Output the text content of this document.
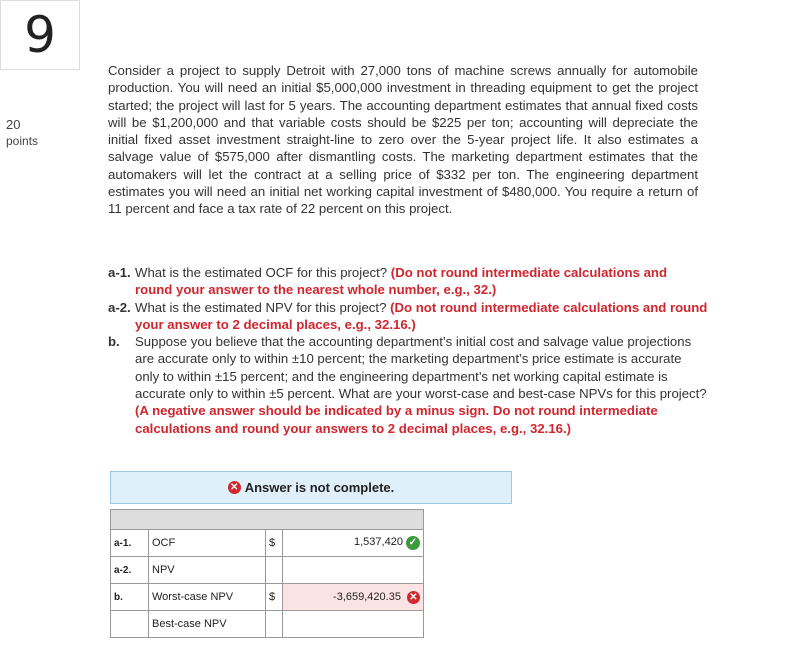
9
20
points
Consider a project to supply Detroit with 27,000 tons of machine screws annually for automobile production. You will need an initial $5,000,000 investment in threading equipment to get the project started; the project will last for 5 years. The accounting department estimates that annual fixed costs will be $1,200,000 and that variable costs should be $225 per ton; accounting will depreciate the initial fixed asset investment straight-line to zero over the 5-year project life. It also estimates a salvage value of $575,000 after dismantling costs. The marketing department estimates that the automakers will let the contract at a selling price of $332 per ton. The engineering department estimates you will need an initial net working capital investment of $480,000. You require a return of 11 percent and face a tax rate of 22 percent on this project.
a-1. What is the estimated OCF for this project? (Do not round intermediate calculations and round your answer to the nearest whole number, e.g., 32.)
a-2. What is the estimated NPV for this project? (Do not round intermediate calculations and round your answer to 2 decimal places, e.g., 32.16.)
b.	Suppose you believe that the accounting department’s initial cost and salvage value projections are accurate only to within ±10 percent; the marketing department’s price estimate is accurate only to within ±15 percent; and the engineering department’s net working capital estimate is accurate only to within ±5 percent. What are your worst-case and best-case NPVs for this project? (A negative answer should be indicated by a minus sign. Do not round intermediate calculations and round your answers to 2 decimal places, e.g., 32.16.)
✕ Answer is not complete.

a-1.	OCF	$	1,537,420 ✓
a-2.	NPV		
b.	Worst-case NPV	$	-3,659,420.35 ✕
	Best-case NPV		
